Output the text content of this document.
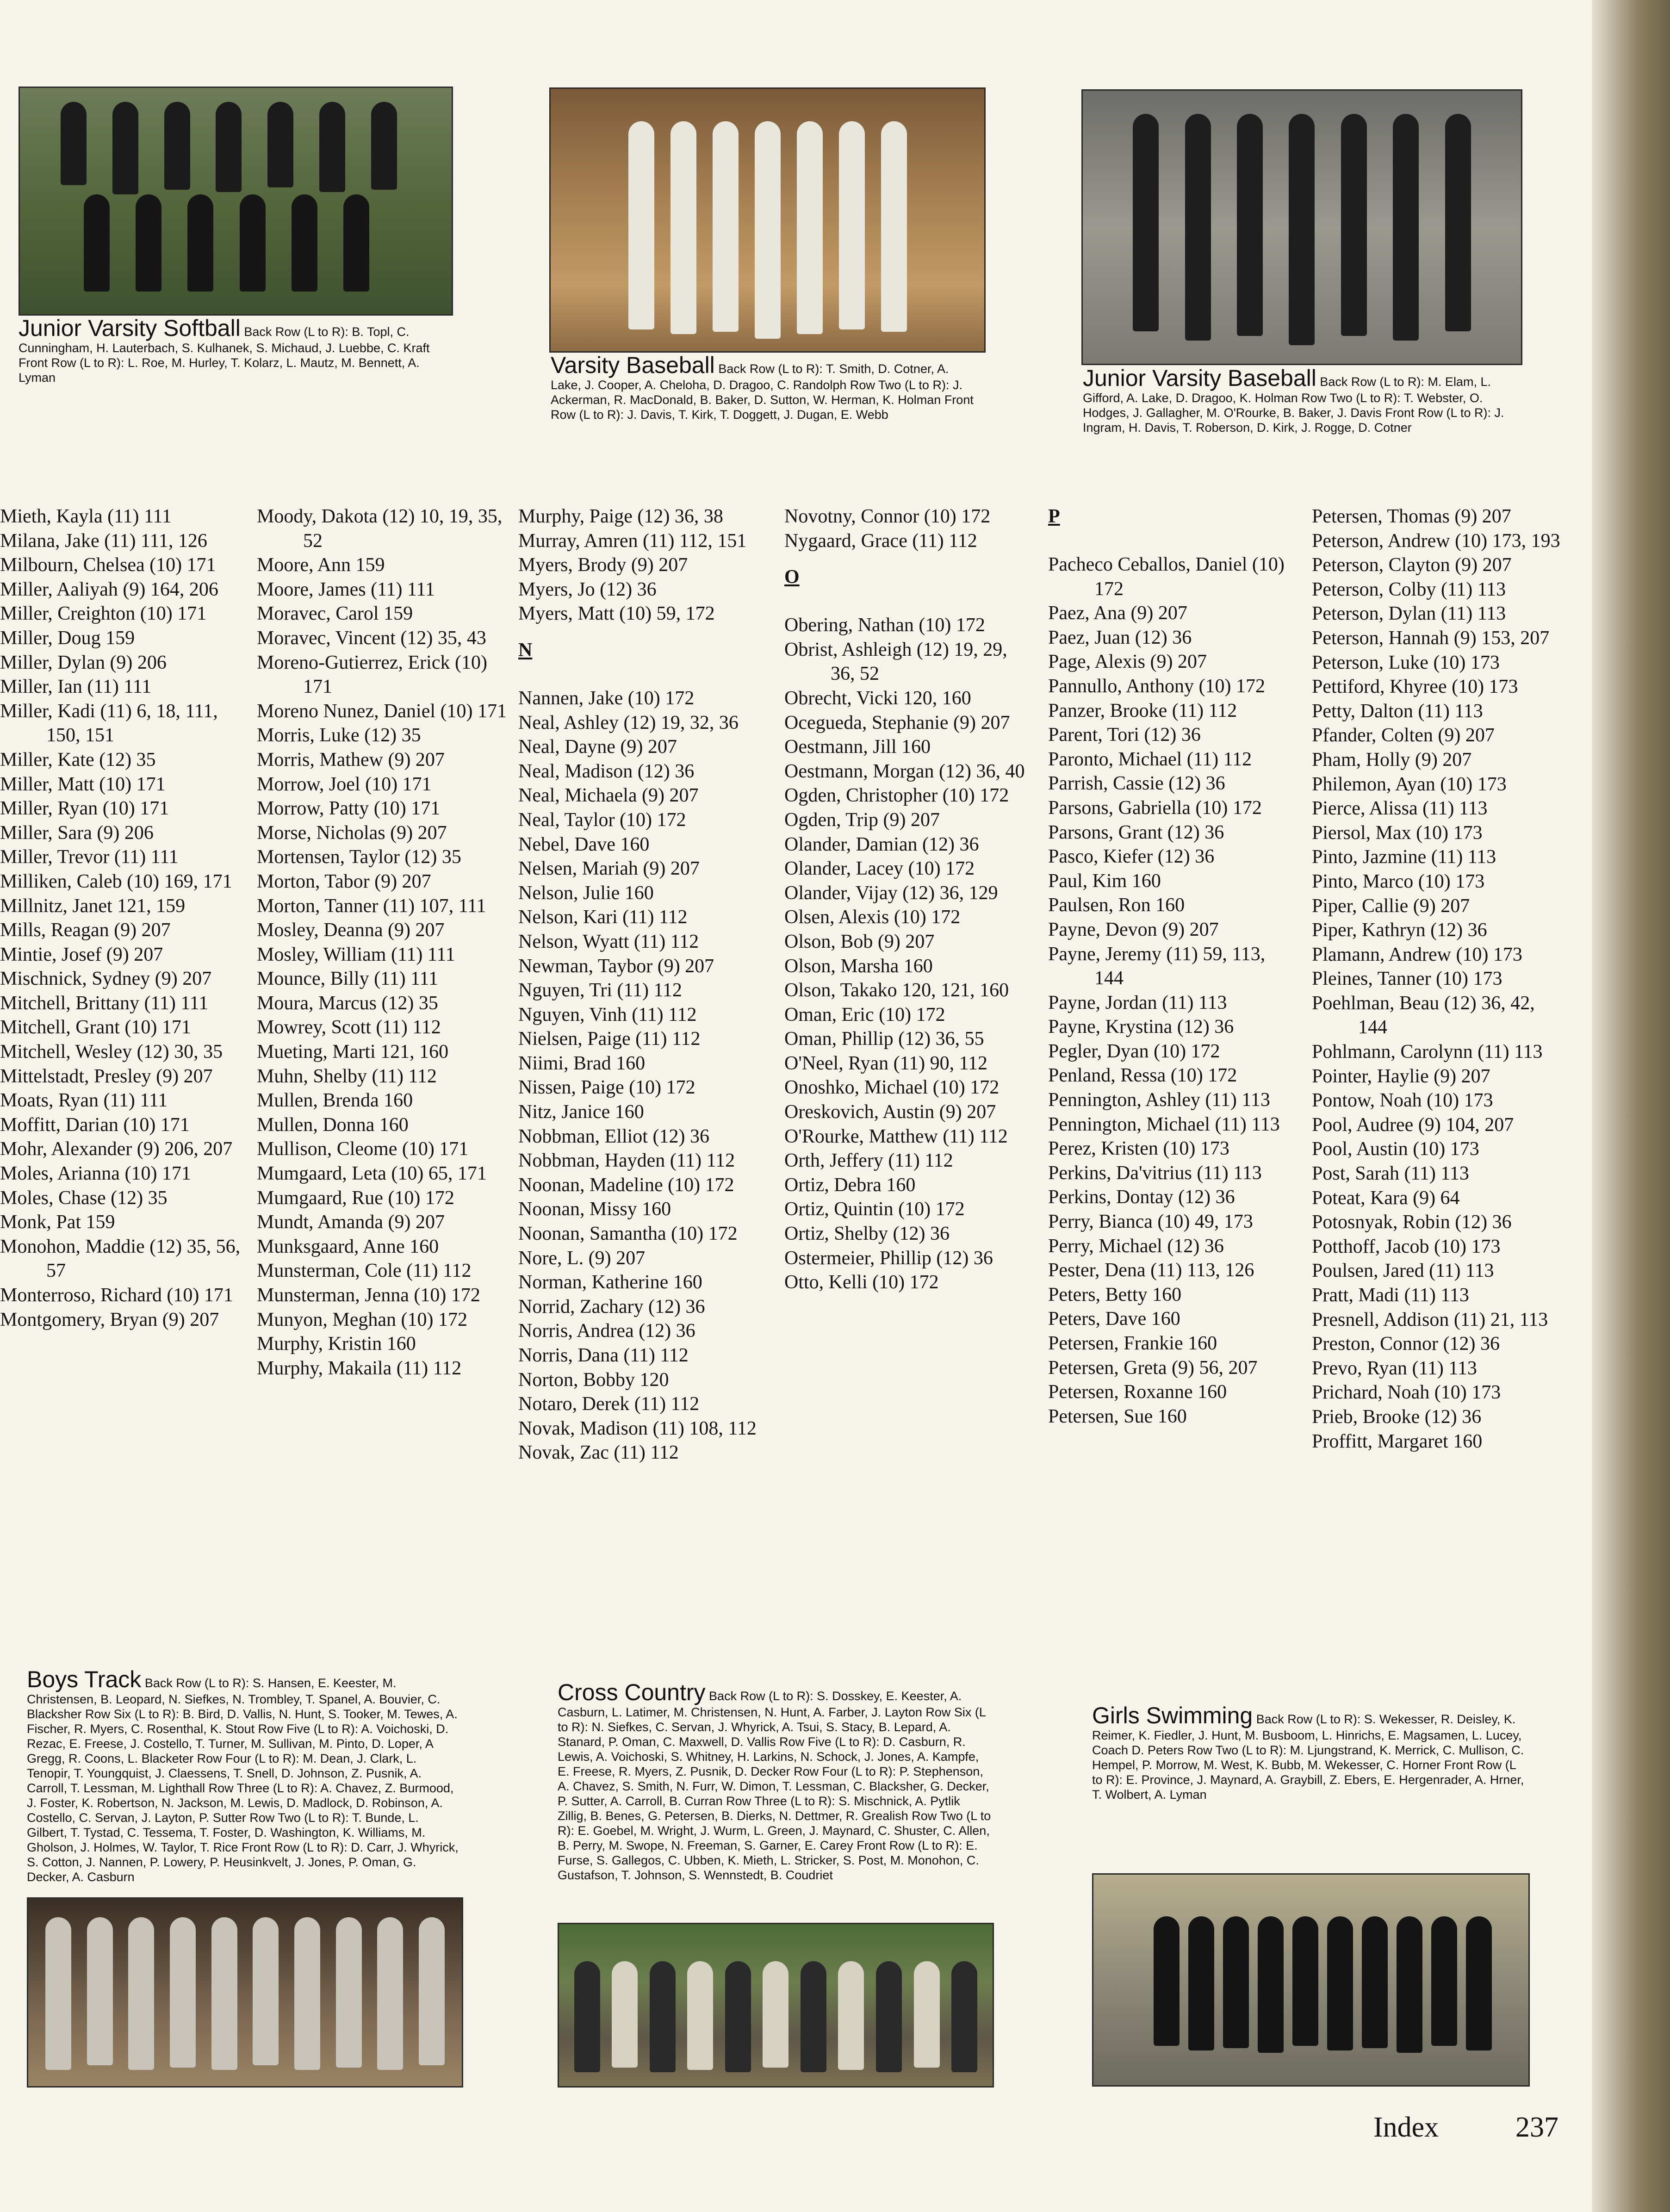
Junior Varsity Softball Back Row (L to R): B. Topl, C. Cunningham, H. Lauterbach, S. Kulhanek, S. Michaud, J. Luebbe, C. Kraft Front Row (L to R): L. Roe, M. Hurley, T. Kolarz, L. Mautz, M. Bennett, A. Lyman	Varsity Baseball Back Row (L to R): T. Smith, D. Cotner, A. Lake, J. Cooper, A. Cheloha, D. Dragoo, C. Randolph Row Two (L to R): J. Ackerman, R. MacDonald, B. Baker, D. Sutton, W. Herman, K. Holman Front Row (L to R): J. Davis, T. Kirk, T. Doggett, J. Dugan, E. Webb
Junior Varsity Baseball Back Row (L to R): M. Elam, L. Gifford, A. Lake, D. Dragoo, K. Holman Row Two (L to R): T. Webster, O. Hodges, J. Gallagher, M. O'Rourke, B. Baker, J. Davis Front Row (L to R): J. Ingram, H. Davis, T. Roberson, D. Kirk, J. Rogge, D. Cotner

Mieth, Kayla (11) 111

Milana, Jake (11) 111, 126

Milbourn, Chelsea (10) 171

Miller, Aaliyah (9) 164, 206

Miller, Creighton (10) 171

Miller, Doug 159

Miller, Dylan (9) 206

Miller, Ian (11) 111

Miller, Kadi (11) 6, 18, 111, 150, 151

Miller, Kate (12) 35

Miller, Matt (10) 171

Miller, Ryan (10) 171

Miller, Sara (9) 206

Miller, Trevor (11) 111

Milliken, Caleb (10) 169, 171

Millnitz, Janet 121, 159

Mills, Reagan (9) 207

Mintie, Josef (9) 207

Mischnick, Sydney (9) 207

Mitchell, Brittany (11) 111

Mitchell, Grant (10) 171

Mitchell, Wesley (12) 30, 35

Mittelstadt, Presley (9) 207

Moats, Ryan (11) 111

Moffitt, Darian (10) 171

Mohr, Alexander (9) 206, 207

Moles, Arianna (10) 171

Moles, Chase (12) 35

Monk, Pat 159

Monohon, Maddie (12) 35, 56, 57

Monterroso, Richard (10) 171

Montgomery, Bryan (9) 207

Moody, Dakota (12) 10, 19, 35, 52

Moore, Ann 159

Moore, James (11) 111

Moravec, Carol 159

Moravec, Vincent (12) 35, 43

Moreno-Gutierrez, Erick (10) 171

Moreno Nunez, Daniel (10) 171

Morris, Luke (12) 35

Morris, Mathew (9) 207

Morrow, Joel (10) 171

Morrow, Patty (10) 171

Morse, Nicholas (9) 207

Mortensen, Taylor (12) 35

Morton, Tabor (9) 207

Morton, Tanner (11) 107, 111

Mosley, Deanna (9) 207

Mosley, William (11) 111

Mounce, Billy (11) 111

Moura, Marcus (12) 35

Mowrey, Scott (11) 112

Mueting, Marti 121, 160

Muhn, Shelby (11) 112

Mullen, Brenda 160

Mullen, Donna 160

Mullison, Cleome (10) 171

Mumgaard, Leta (10) 65, 171

Mumgaard, Rue (10) 172

Mundt, Amanda (9) 207

Munksgaard, Anne 160

Munsterman, Cole (11) 112

Munsterman, Jenna (10) 172

Munyon, Meghan (10) 172

Murphy, Kristin 160

Murphy, Makaila (11) 112

Murphy, Paige (12) 36, 38

Murray, Amren (11) 112, 151

Myers, Brody (9) 207

Myers, Jo (12) 36

Myers, Matt (10) 59, 172

N

Nannen, Jake (10) 172

Neal, Ashley (12) 19, 32, 36

Neal, Dayne (9) 207

Neal, Madison (12) 36

Neal, Michaela (9) 207

Neal, Taylor (10) 172

Nebel, Dave 160

Nelsen, Mariah (9) 207

Nelson, Julie 160

Nelson, Kari (11) 112

Nelson, Wyatt (11) 112

Newman, Taybor (9) 207

Nguyen, Tri (11) 112

Nguyen, Vinh (11) 112

Nielsen, Paige (11) 112

Niimi, Brad 160

Nissen, Paige (10) 172

Nitz, Janice 160

Nobbman, Elliot (12) 36

Nobbman, Hayden (11) 112

Noonan, Madeline (10) 172

Noonan, Missy 160

Noonan, Samantha (10) 172

Nore, L. (9) 207

Norman, Katherine 160

Norrid, Zachary (12) 36

Norris, Andrea (12) 36

Norris, Dana (11) 112

Norton, Bobby 120

Notaro, Derek (11) 112

Novak, Madison (11) 108, 112

Novak, Zac (11) 112

Novotny, Connor (10) 172

Nygaard, Grace (11) 112

O

Obering, Nathan (10) 172

Obrist, Ashleigh (12) 19, 29, 36, 52

Obrecht, Vicki 120, 160

Ocegueda, Stephanie (9) 207

Oestmann, Jill 160

Oestmann, Morgan (12) 36, 40

Ogden, Christopher (10) 172

Ogden, Trip (9) 207

Olander, Damian (12) 36

Olander, Lacey (10) 172

Olander, Vijay (12) 36, 129

Olsen, Alexis (10) 172

Olson, Bob (9) 207

Olson, Marsha 160

Olson, Takako 120, 121, 160

Oman, Eric (10) 172

Oman, Phillip (12) 36, 55

O'Neel, Ryan (11) 90, 112

Onoshko, Michael (10) 172

Oreskovich, Austin (9) 207

O'Rourke, Matthew (11) 112

Orth, Jeffery (11) 112

Ortiz, Debra 160

Ortiz, Quintin (10) 172

Ortiz, Shelby (12) 36

Ostermeier, Phillip (12) 36

Otto, Kelli (10) 172

P

Pacheco Ceballos, Daniel (10) 172

Paez, Ana (9) 207

Paez, Juan (12) 36

Page, Alexis (9) 207

Pannullo, Anthony (10) 172

Panzer, Brooke (11) 112

Parent, Tori (12) 36

Paronto, Michael (11) 112

Parrish, Cassie (12) 36

Parsons, Gabriella (10) 172

Parsons, Grant (12) 36

Pasco, Kiefer (12) 36

Paul, Kim 160

Paulsen, Ron 160

Payne, Devon (9) 207

Payne, Jeremy (11) 59, 113, 144

Payne, Jordan (11) 113

Payne, Krystina (12) 36

Pegler, Dyan (10) 172

Penland, Ressa (10) 172

Pennington, Ashley (11) 113

Pennington, Michael (11) 113

Perez, Kristen (10) 173

Perkins, Da'vitrius (11) 113

Perkins, Dontay (12) 36

Perry, Bianca (10) 49, 173

Perry, Michael (12) 36

Pester, Dena (11) 113, 126

Peters, Betty 160

Peters, Dave 160

Petersen, Frankie 160

Petersen, Greta (9) 56, 207

Petersen, Roxanne 160

Petersen, Sue 160

Petersen, Thomas (9) 207

Peterson, Andrew (10) 173, 193

Peterson, Clayton (9) 207

Peterson, Colby (11) 113

Peterson, Dylan (11) 113

Peterson, Hannah (9) 153, 207

Peterson, Luke (10) 173

Pettiford, Khyree (10) 173

Petty, Dalton (11) 113

Pfander, Colten (9) 207

Pham, Holly (9) 207

Philemon, Ayan (10) 173

Pierce, Alissa (11) 113

Piersol, Max (10) 173

Pinto, Jazmine (11) 113

Pinto, Marco (10) 173

Piper, Callie (9) 207

Piper, Kathryn (12) 36

Plamann, Andrew (10) 173

Pleines, Tanner (10) 173

Poehlman, Beau (12) 36, 42, 144

Pohlmann, Carolynn (11) 113

Pointer, Haylie (9) 207

Pontow, Noah (10) 173

Pool, Audree (9) 104, 207

Pool, Austin (10) 173

Post, Sarah (11) 113

Poteat, Kara (9) 64

Potosnyak, Robin (12) 36

Potthoff, Jacob (10) 173

Poulsen, Jared (11) 113

Pratt, Madi (11) 113

Presnell, Addison (11) 21, 113

Preston, Connor (12) 36

Prevo, Ryan (11) 113

Prichard, Noah (10) 173

Prieb, Brooke (12) 36

Proffitt, Margaret 160

Boys Track Back Row (L to R): S. Hansen, E. Keester, M. Christensen, B. Leopard, N. Siefkes, N. Trombley, T. Spanel, A. Bouvier, C. Blacksher Row Six (L to R): B. Bird, D. Vallis, N. Hunt, S. Tooker, M. Tewes, A. Fischer, R. Myers, C. Rosenthal, K. Stout Row Five (L to R): A. Voichoski, D. Rezac, E. Freese, J. Costello, T. Turner, M. Sullivan, M. Pinto, D. Loper, A Gregg, R. Coons, L. Blacketer Row Four (L to R): M. Dean, J. Clark, L. Tenopir, T. Youngquist, J. Claessens, T. Snell, D. Johnson, Z. Pusnik, A. Carroll, T. Lessman, M. Lighthall Row Three (L to R): A. Chavez, Z. Burmood, J. Foster, K. Robertson, N. Jackson, M. Lewis, D. Madlock, D. Robinson, A. Costello, C. Servan, J. Layton, P. Sutter Row Two (L to R): T. Bunde, L. Gilbert, T. Tystad, C. Tessema, T. Foster, D. Washington, K. Williams, M. Gholson, J. Holmes, W. Taylor, T. Rice Front Row (L to R): D. Carr, J. Whyrick, S. Cotton, J. Nannen, P. Lowery, P. Heusinkvelt, J. Jones, P. Oman, G. Decker, A. Casburn
Cross Country Back Row (L to R): S. Dosskey, E. Keester, A. Casburn, L. Latimer, M. Christensen, N. Hunt, A. Farber, J. Layton Row Six (L to R): N. Siefkes, C. Servan, J. Whyrick, A. Tsui, S. Stacy, B. Lepard, A. Stanard, P. Oman, C. Maxwell, D. Vallis Row Five (L to R): D. Casburn, R. Lewis, A. Voichoski, S. Whitney, H. Larkins, N. Schock, J. Jones, A. Kampfe, E. Freese, R. Myers, Z. Pusnik, D. Decker Row Four (L to R): P. Stephenson, A. Chavez, S. Smith, N. Furr, W. Dimon, T. Lessman, C. Blacksher, G. Decker, P. Sutter, A. Carroll, B. Curran Row Three (L to R): S. Mischnick, A. Pytlik Zillig, B. Benes, G. Petersen, B. Dierks, N. Dettmer, R. Grealish Row Two (L to R): E. Goebel, M. Wright, J. Wurm, L. Green, J. Maynard, C. Shuster, C. Allen, B. Perry, M. Swope, N. Freeman, S. Garner, E. Carey Front Row (L to R): E. Furse, S. Gallegos, C. Ubben, K. Mieth, L. Stricker, S. Post, M. Monohon, C. Gustafson, T. Johnson, S. Wennstedt, B. Coudriet
Girls Swimming Back Row (L to R): S. Wekesser, R. Deisley, K. Reimer, K. Fiedler, J. Hunt, M. Busboom, L. Hinrichs, E. Magsamen, L. Lucey, Coach D. Peters Row Two (L to R): M. Ljungstrand, K. Merrick, C. Mullison, C. Hempel, P. Morrow, M. West, K. Bubb, M. Wekesser, C. Horner Front Row (L to R): E. Province, J. Maynard, A. Graybill, Z. Ebers, E. Hergenrader, A. Hrner, T. Wolbert, A. Lyman
Index	237
